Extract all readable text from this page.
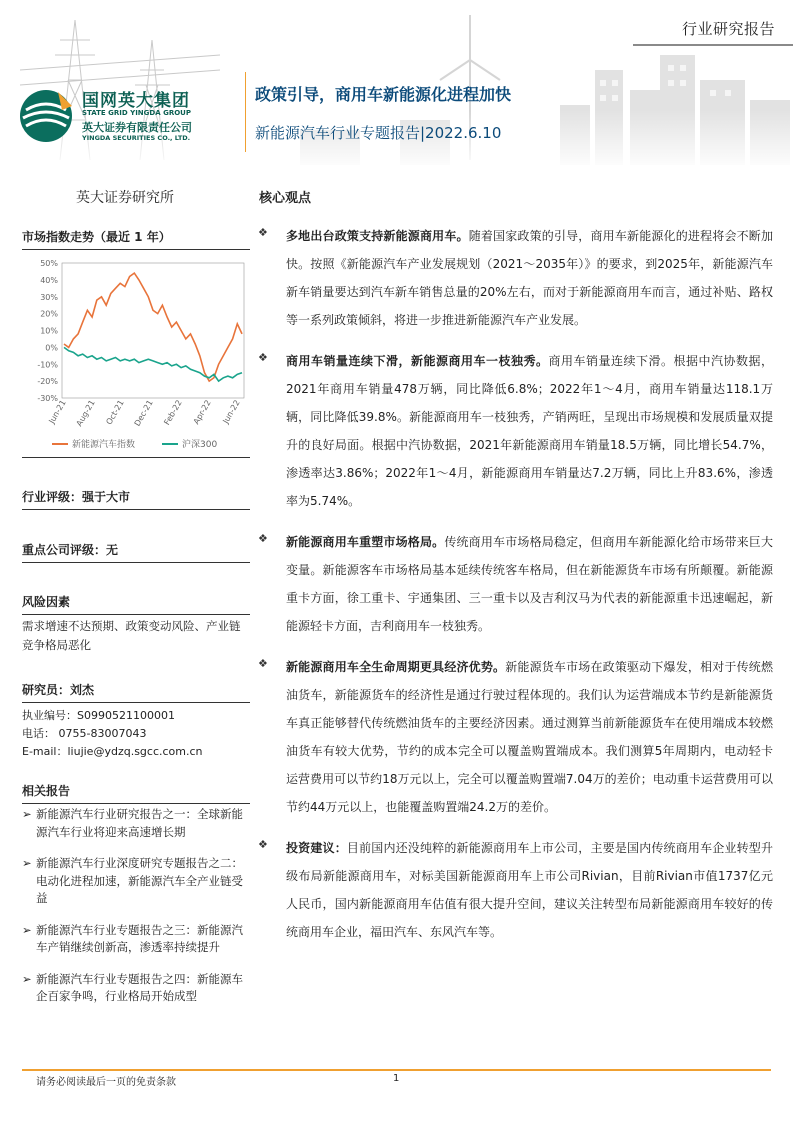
行业研究报告
国网英大集团
STATE GRID YINGDA GROUP
英大证券有限责任公司
YINGDA SECURITIES CO., LTD.
政策引导，商用车新能源化进程加快
新能源汽车行业专题报告|2022.6.10
英大证券研究所	核心观点
市场指数走势（最近 1 年）
50%
40%
30%
20%
10%
0%
-10%
-20%
-30%
Jun-21 Aug-21 Oct-21 Dec-21 Feb-22 Apr-22 Jun-22
新能源汽车指数	沪深300
行业评级：强于大市
重点公司评级：无
风险因素
需求增速不达预期、政策变动风险、产业链竞争格局恶化
研究员：刘杰
执业编号：S0990521100001
电话： 0755-83007043
E-mail：liujie@ydzq.sgcc.com.cn
相关报告
➢ 新能源汽车行业研究报告之一：全球新能源汽车行业将迎来高速增长期
➢ 新能源汽车行业深度研究专题报告之二：电动化进程加速，新能源汽车全产业链受益
➢ 新能源汽车行业专题报告之三：新能源汽车产销继续创新高，渗透率持续提升
➢ 新能源汽车行业专题报告之四：新能源车企百家争鸣，行业格局开始成型
❖	多地出台政策支持新能源商用车。随着国家政策的引导，商用车新能源化的进程将会不断加快。按照《新能源汽车产业发展规划（2021～2035年）》的要求，到2025年，新能源汽车新车销量要达到汽车新车销售总量的20%左右，而对于新能源商用车而言，通过补贴、路权等一系列政策倾斜，将进一步推进新能源汽车产业发展。

❖	商用车销量连续下滑，新能源商用车一枝独秀。商用车销量连续下滑。根据中汽协数据，2021年商用车销量478万辆，同比降低6.8%；2022年1～4月，商用车销量达118.1万辆，同比降低39.8%。新能源商用车一枝独秀，产销两旺，呈现出市场规模和发展质量双提升的良好局面。根据中汽协数据，2021年新能源商用车销量18.5万辆，同比增长54.7%，渗透率达3.86%；2022年1～4月，新能源商用车销量达7.2万辆，同比上升83.6%，渗透率为5.74%。

❖	新能源商用车重塑市场格局。传统商用车市场格局稳定，但商用车新能源化给市场带来巨大变量。新能源客车市场格局基本延续传统客车格局，但在新能源货车市场有所颠覆。新能源重卡方面，徐工重卡、宇通集团、三一重卡以及吉利汉马为代表的新能源重卡迅速崛起，新能源轻卡方面，吉利商用车一枝独秀。

❖	新能源商用车全生命周期更具经济优势。新能源货车市场在政策驱动下爆发，相对于传统燃油货车，新能源货车的经济性是通过行驶过程体现的。我们认为运营端成本节约是新能源货车真正能够替代传统燃油货车的主要经济因素。通过测算当前新能源货车在使用端成本较燃油货车有较大优势，节约的成本完全可以覆盖购置端成本。我们测算5年周期内，电动轻卡运营费用可以节约18万元以上，完全可以覆盖购置端7.04万的差价；电动重卡运营费用可以节约44万元以上，也能覆盖购置端24.2万的差价。

❖	投资建议：目前国内还没纯粹的新能源商用车上市公司，主要是国内传统商用车企业转型升级布局新能源商用车，对标美国新能源商用车上市公司Rivian，目前Rivian市值1737亿元人民币，国内新能源商用车估值有很大提升空间，建议关注转型布局新能源商用车较好的传统商用车企业，福田汽车、东风汽车等。

请务必阅读最后一页的免责条款	1
